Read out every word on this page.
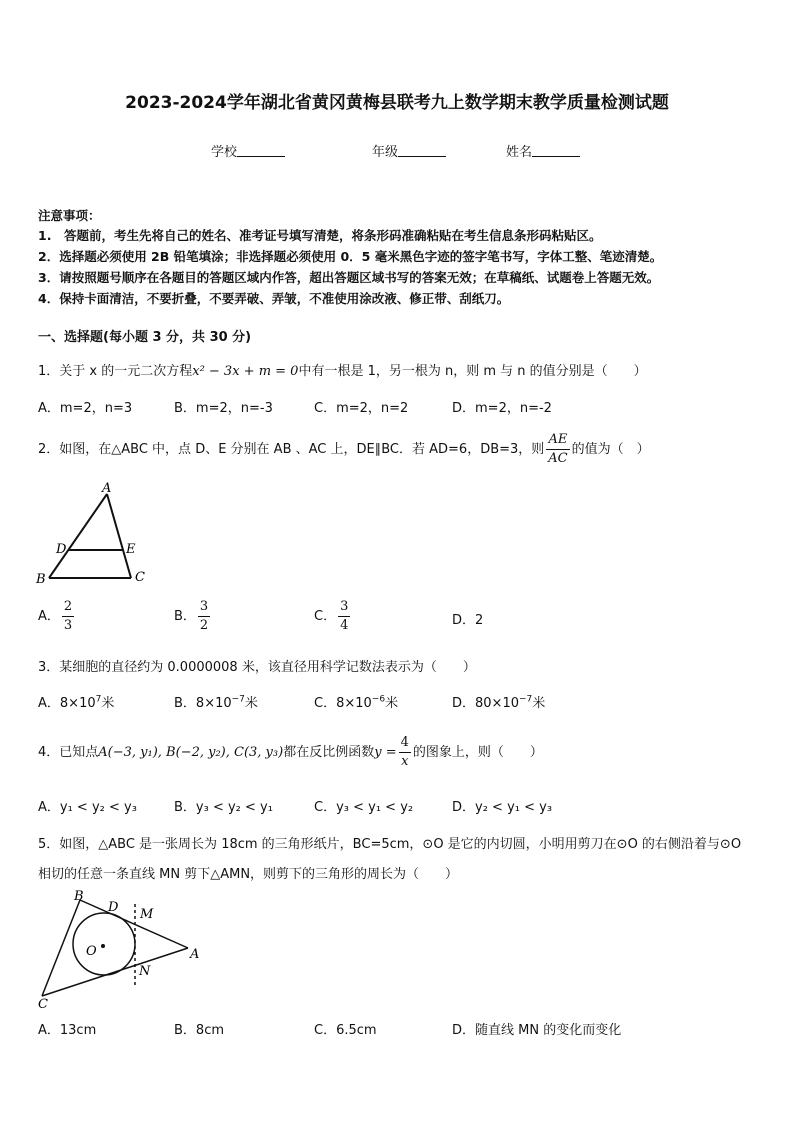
2023-2024学年湖北省黄冈黄梅县联考九上数学期末教学质量检测试题
学校	年级	姓名
注意事项：
1.　答题前，考生先将自己的姓名、准考证号填写清楚，将条形码准确粘贴在考生信息条形码粘贴区。
2．选择题必须使用 2B 铅笔填涂；非选择题必须使用 0．5 毫米黑色字迹的签字笔书写，字体工整、笔迹清楚。
3．请按照题号顺序在各题目的答题区域内作答，超出答题区域书写的答案无效；在草稿纸、试题卷上答题无效。
4．保持卡面清洁，不要折叠，不要弄破、弄皱，不准使用涂改液、修正带、刮纸刀。
一、选择题(每小题 3 分，共 30 分)
1．关于 x 的一元二次方程x² − 3x + m = 0中有一根是 1，另一根为 n，则 m 与 n 的值分别是（　　）
A．m=2，n=3	B．m=2，n=-3	C．m=2，n=2	D．m=2，n=-2
2．如图，在△ABC 中，点 D、E 分别在 AB 、AC 上，DE∥BC．若 AD=6，DB=3，则 $\frac{AE}{AC}$ 的值为（　）
A
D	E
B	C
A． $\frac{2}{3}$	B． $\frac{3}{2}$	C． $\frac{3}{4}$	D．2
3．某细胞的直径约为 0.0000008 米，该直径用科学记数法表示为（　　）
A．$8\times 10^7$米	B．$8\times 10^{-7}$米	C．$8\times 10^{-6}$米	D．$80\times 10^{-7}$米
4．已知点A(−3, y₁), B(−2, y₂), C(3, y₃)都在反比例函数$y = \frac{4}{x}$ 的图象上，则（　　）
A．y₁ < y₂ < y₃	B．y₃ < y₂ < y₁	C．y₃ < y₁ < y₂	D．y₂ < y₁ < y₃
5．如图，△ABC 是一张周长为 18cm 的三角形纸片，BC=5cm，⊙O 是它的内切圆，小明用剪刀在⊙O 的右侧沿着与⊙O
相切的任意一条直线 MN 剪下△AMN，则剪下的三角形的周长为（　　）
B
D M
O	A
N
C
A．13cm	B．8cm	C．6.5cm	D．随直线 MN 的变化而变化
